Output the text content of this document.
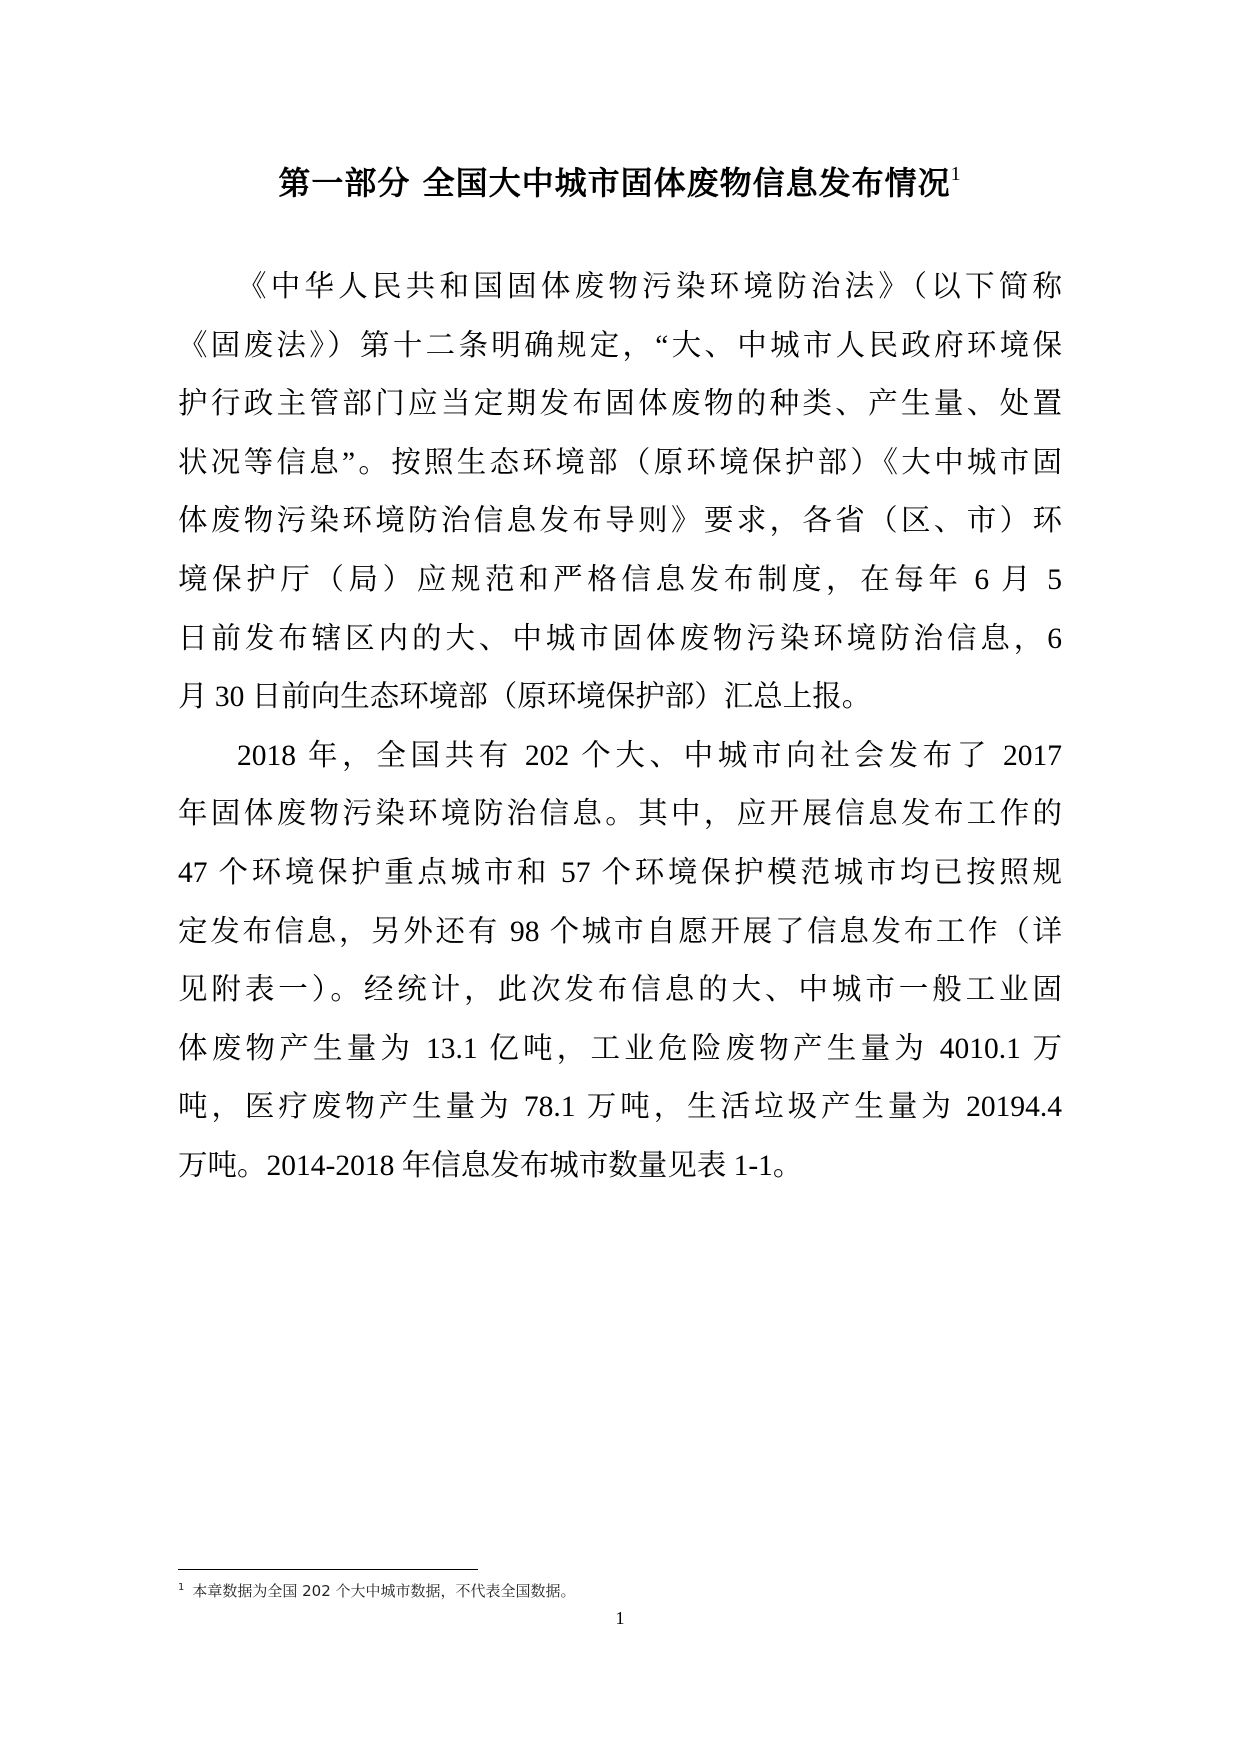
第一部分 全国大中城市固体废物信息发布情况$^1$
《中华人民共和国固体废物污染环境防治法》（以下简称
《固废法》）第十二条明确规定，“大、中城市人民政府环境保
护行政主管部门应当定期发布固体废物的种类、产生量、处置
状况等信息”。按照生态环境部（原环境保护部）《大中城市固
体废物污染环境防治信息发布导则》要求，各省（区、市）环
境保护厅（局）应规范和严格信息发布制度，在每年 6 月 5
日前发布辖区内的大、中城市固体废物污染环境防治信息，6
月 30 日前向生态环境部（原环境保护部）汇总上报。
2018 年，全国共有 202 个大、中城市向社会发布了 2017
年固体废物污染环境防治信息。其中，应开展信息发布工作的
47 个环境保护重点城市和 57 个环境保护模范城市均已按照规
定发布信息，另外还有 98 个城市自愿开展了信息发布工作（详
见附表一）。经统计，此次发布信息的大、中城市一般工业固
体废物产生量为 13.1 亿吨，工业危险废物产生量为 4010.1 万
吨，医疗废物产生量为 78.1 万吨，生活垃圾产生量为 20194.4
万吨。2014-2018 年信息发布城市数量见表 1-1。
$^1$ 本章数据为全国 202 个大中城市数据，不代表全国数据。
1
